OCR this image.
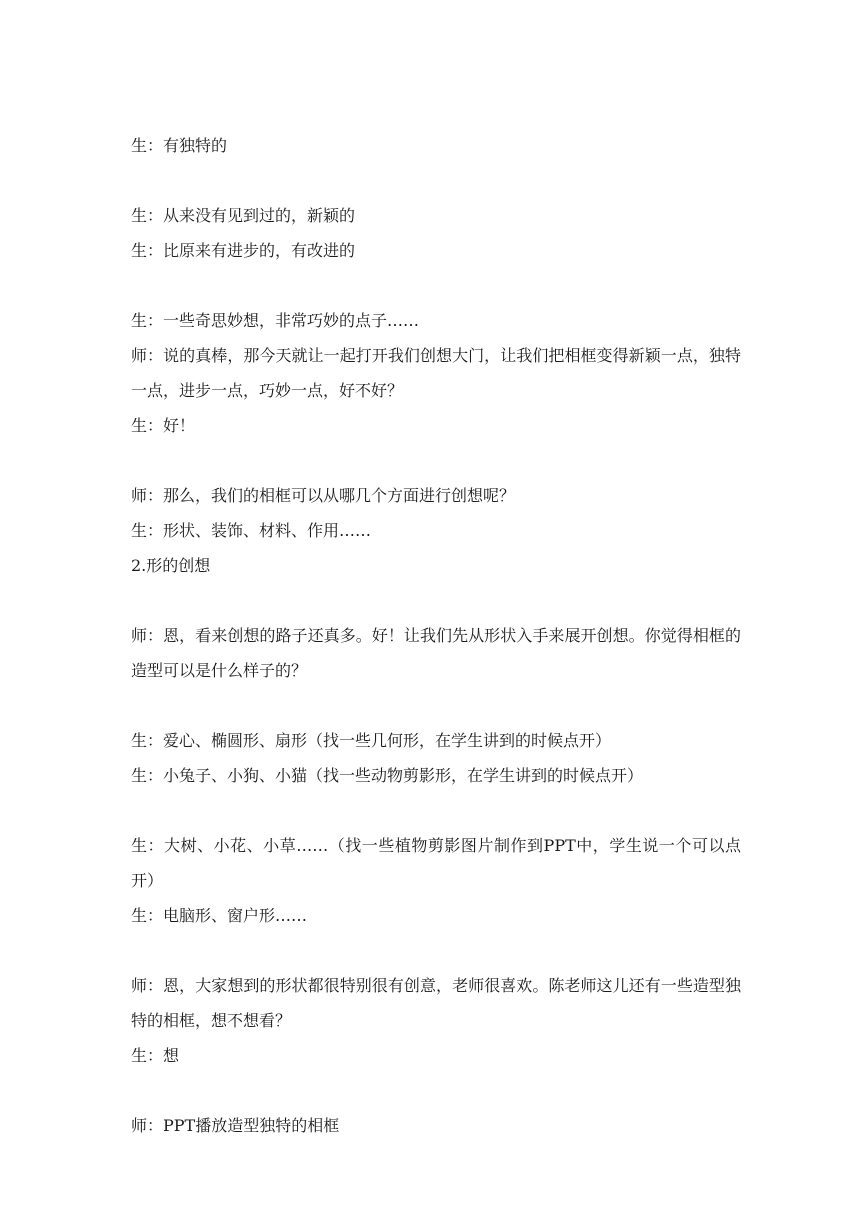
生：有独特的

生：从来没有见到过的，新颖的

生：比原来有进步的，有改进的

生：一些奇思妙想，非常巧妙的点子……

师：说的真棒，那今天就让一起打开我们创想大门，让我们把相框变得新颖一点，独特一点，进步一点，巧妙一点，好不好？

生：好！

师：那么，我们的相框可以从哪几个方面进行创想呢？

生：形状、装饰、材料、作用……

2.形的创想

师：恩，看来创想的路子还真多。好！让我们先从形状入手来展开创想。你觉得相框的造型可以是什么样子的？

生：爱心、椭圆形、扇形（找一些几何形，在学生讲到的时候点开）

生：小兔子、小狗、小猫（找一些动物剪影形，在学生讲到的时候点开）

生：大树、小花、小草……（找一些植物剪影图片制作到PPT中，学生说一个可以点开）

生：电脑形、窗户形……

师：恩，大家想到的形状都很特别很有创意，老师很喜欢。陈老师这儿还有一些造型独特的相框，想不想看？

生：想

师：PPT播放造型独特的相框
